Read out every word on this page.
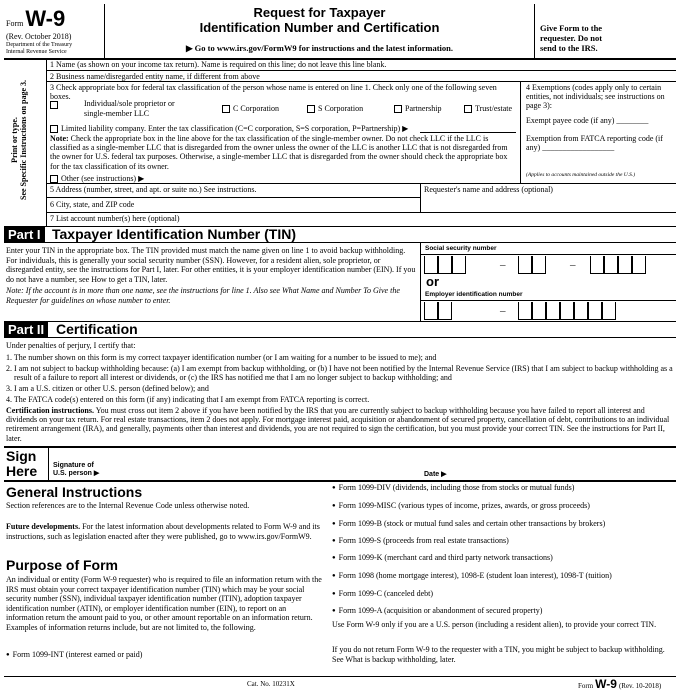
Form W-9
(Rev. October 2018)
Department of the Treasury
Internal Revenue Service
Request for Taxpayer
Identification Number and Certification
▶ Go to www.irs.gov/FormW9 for instructions and the latest information.
Give Form to the
requester. Do not
send to the IRS.
Print or type. See Specific Instructions on page 3.
1 Name (as shown on your income tax return). Name is required on this line; do not leave this line blank.
2 Business name/disregarded entity name, if different from above
3 Check appropriate box for federal tax classification of the person whose name is entered on line 1. Check only one of the following seven boxes.
Individual/sole proprietor or single-member LLC
C Corporation	S Corporation	Partnership	Trust/estate
Limited liability company. Enter the tax classification (C=C corporation, S=S corporation, P=Partnership) ▶
Note: Check the appropriate box in the line above for the tax classification of the single-member owner. Do not check LLC if the LLC is classified as a single-member LLC that is disregarded from the owner unless the owner of the LLC is another LLC that is not disregarded from the owner for U.S. federal tax purposes. Otherwise, a single-member LLC that is disregarded from the owner should check the appropriate box for the tax classification of its owner.
Other (see instructions) ▶
4 Exemptions (codes apply only to certain entities, not individuals; see instructions on page 3):
Exempt payee code (if any) ________
Exemption from FATCA reporting code (if any) __________________
(Applies to accounts maintained outside the U.S.)
5 Address (number, street, and apt. or suite no.) See instructions.	Requester's name and address (optional)
6 City, state, and ZIP code
7 List account number(s) here (optional)
Part I Taxpayer Identification Number (TIN)
Enter your TIN in the appropriate box. The TIN provided must match the name given on line 1 to avoid backup withholding. For individuals, this is generally your social security number (SSN). However, for a resident alien, sole proprietor, or disregarded entity, see the instructions for Part I, later. For other entities, it is your employer identification number (EIN). If you do not have a number, see How to get a TIN, later.
Note: If the account is in more than one name, see the instructions for line 1. Also see What Name and Number To Give the Requester for guidelines on whose number to enter.
Social security number
–	–
or
Employer identification number
–
Part II Certification
Under penalties of perjury, I certify that:
1. The number shown on this form is my correct taxpayer identification number (or I am waiting for a number to be issued to me); and
2. I am not subject to backup withholding because: (a) I am exempt from backup withholding, or (b) I have not been notified by the Internal Revenue Service (IRS) that I am subject to backup withholding as a result of a failure to report all interest or dividends, or (c) the IRS has notified me that I am no longer subject to backup withholding; and
3. I am a U.S. citizen or other U.S. person (defined below); and
4. The FATCA code(s) entered on this form (if any) indicating that I am exempt from FATCA reporting is correct.
Certification instructions. You must cross out item 2 above if you have been notified by the IRS that you are currently subject to backup withholding because you have failed to report all interest and dividends on your tax return. For real estate transactions, item 2 does not apply. For mortgage interest paid, acquisition or abandonment of secured property, cancellation of debt, contributions to an individual retirement arrangement (IRA), and generally, payments other than interest and dividends, you are not required to sign the certification, but you must provide your correct TIN. See the instructions for Part II, later.
Sign
Here Signature of
U.S. person ▶	Date ▶
General Instructions
Section references are to the Internal Revenue Code unless otherwise noted.
Future developments. For the latest information about developments related to Form W-9 and its instructions, such as legislation enacted after they were published, go to www.irs.gov/FormW9.
Purpose of Form
An individual or entity (Form W-9 requester) who is required to file an information return with the IRS must obtain your correct taxpayer identification number (TIN) which may be your social security number (SSN), individual taxpayer identification number (ITIN), adoption taxpayer identification number (ATIN), or employer identification number (EIN), to report on an information return the amount paid to you, or other amount reportable on an information return. Examples of information returns include, but are not limited to, the following.
● Form 1099-INT (interest earned or paid)
● Form 1099-DIV (dividends, including those from stocks or mutual funds)
● Form 1099-MISC (various types of income, prizes, awards, or gross proceeds)
● Form 1099-B (stock or mutual fund sales and certain other transactions by brokers)
● Form 1099-S (proceeds from real estate transactions)
● Form 1099-K (merchant card and third party network transactions)
● Form 1098 (home mortgage interest), 1098-E (student loan interest), 1098-T (tuition)
● Form 1099-C (canceled debt)
● Form 1099-A (acquisition or abandonment of secured property)
Use Form W-9 only if you are a U.S. person (including a resident alien), to provide your correct TIN.
If you do not return Form W-9 to the requester with a TIN, you might be subject to backup withholding. See What is backup withholding, later.
Cat. No. 10231X	Form W-9 (Rev. 10-2018)
